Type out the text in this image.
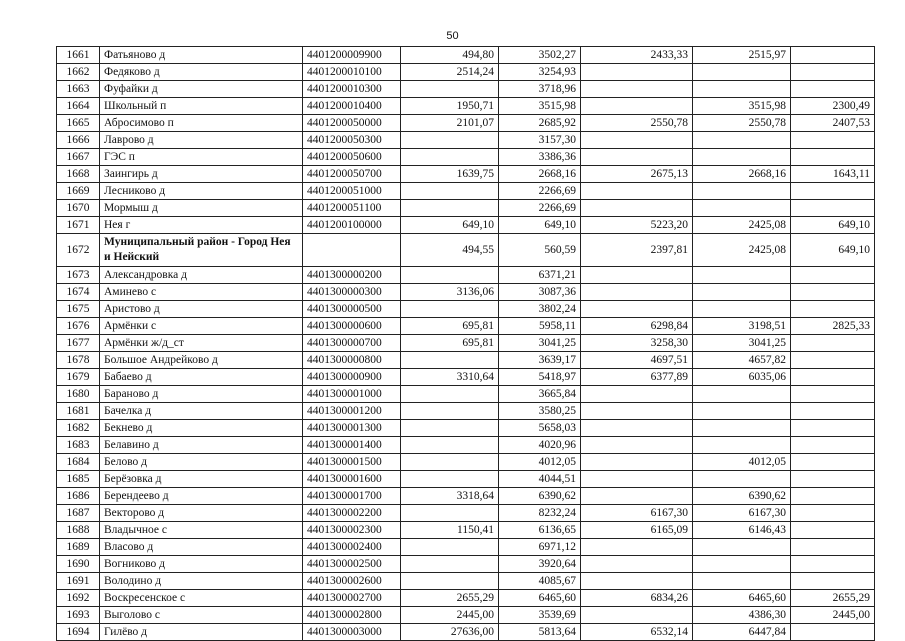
50
1661	Фатьяново д	4401200009900	494,80	3502,27	2433,33	2515,97	
1662	Федяково д	4401200010100	2514,24	3254,93			
1663	Фуфайки д	4401200010300		3718,96			
1664	Школьный п	4401200010400	1950,71	3515,98		3515,98	2300,49
1665	Абросимово п	4401200050000	2101,07	2685,92	2550,78	2550,78	2407,53
1666	Лаврово д	4401200050300		3157,30			
1667	ГЭС п	4401200050600		3386,36			
1668	Заингирь д	4401200050700	1639,75	2668,16	2675,13	2668,16	1643,11
1669	Лесниково д	4401200051000		2266,69			
1670	Мормыш д	4401200051100		2266,69			
1671	Нея г	4401200100000	649,10	649,10	5223,20	2425,08	649,10
1672	Муниципальный район - Город Нея и Нейский		494,55	560,59	2397,81	2425,08	649,10
1673	Александровка д	4401300000200		6371,21			
1674	Аминево с	4401300000300	3136,06	3087,36			
1675	Аристово д	4401300000500		3802,24			
1676	Армёнки с	4401300000600	695,81	5958,11	6298,84	3198,51	2825,33
1677	Армёнки ж/д_ст	4401300000700	695,81	3041,25	3258,30	3041,25	
1678	Большое Андрейково д	4401300000800		3639,17	4697,51	4657,82	
1679	Бабаево д	4401300000900	3310,64	5418,97	6377,89	6035,06	
1680	Бараново д	4401300001000		3665,84			
1681	Бачелка д	4401300001200		3580,25			
1682	Бекнево д	4401300001300		5658,03			
1683	Белавино д	4401300001400		4020,96			
1684	Белово д	4401300001500		4012,05		4012,05	
1685	Берёзовка д	4401300001600		4044,51			
1686	Берендеево д	4401300001700	3318,64	6390,62		6390,62	
1687	Векторово д	4401300002200		8232,24	6167,30	6167,30	
1688	Владычное с	4401300002300	1150,41	6136,65	6165,09	6146,43	
1689	Власово д	4401300002400		6971,12			
1690	Вогниково д	4401300002500		3920,64			
1691	Володино д	4401300002600		4085,67			
1692	Воскресенское с	4401300002700	2655,29	6465,60	6834,26	6465,60	2655,29
1693	Выголово с	4401300002800	2445,00	3539,69		4386,30	2445,00
1694	Гилёво д	4401300003000	27636,00	5813,64	6532,14	6447,84	
